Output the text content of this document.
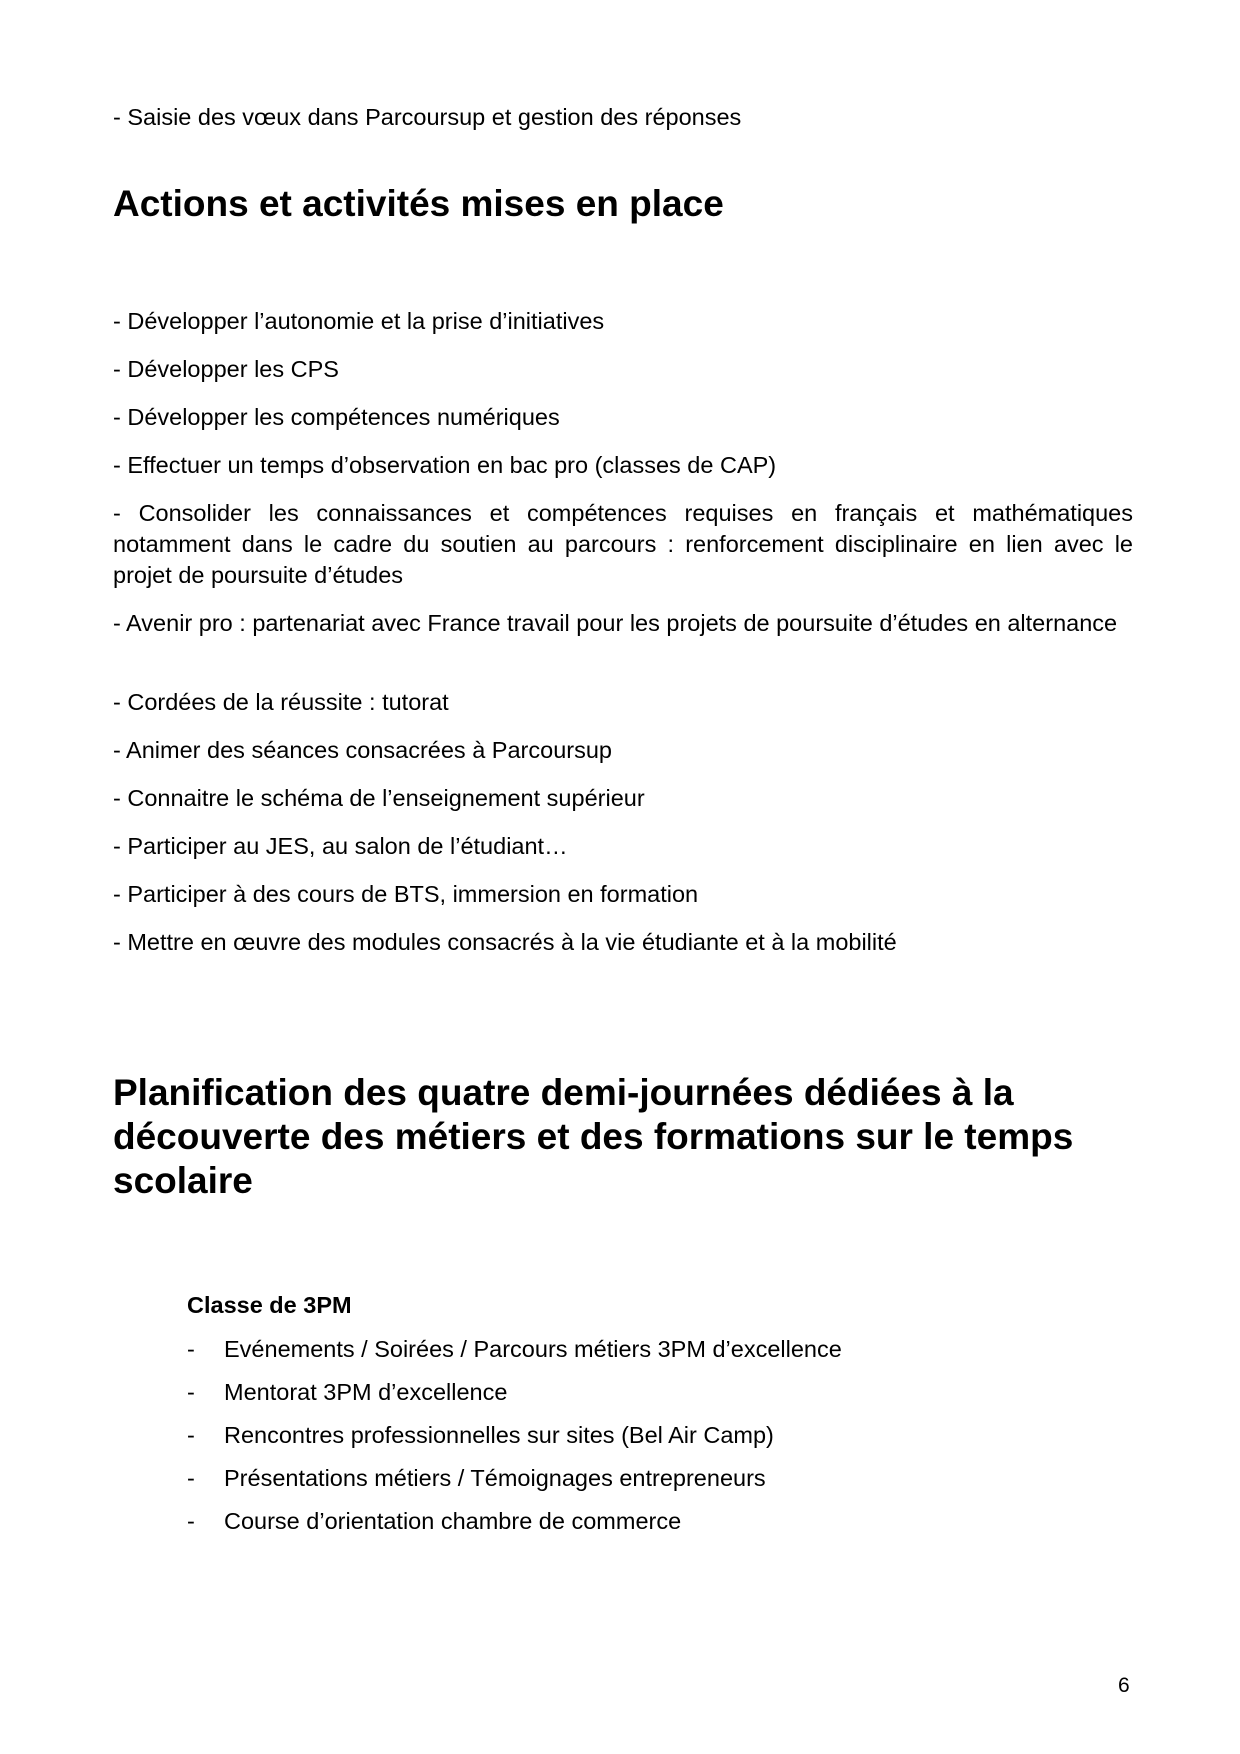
- Saisie des vœux dans Parcoursup et gestion des réponses

Actions et activités mises en place

- Développer l’autonomie et la prise d’initiatives

- Développer les CPS

- Développer les compétences numériques

- Effectuer un temps d’observation en bac pro (classes de CAP)

- Consolider les connaissances et compétences requises en français et mathématiques notamment dans le cadre du soutien au parcours : renforcement disciplinaire en lien avec le projet de poursuite d’études

- Avenir pro : partenariat avec France travail pour les projets de poursuite d’études en alternance

- Cordées de la réussite : tutorat

- Animer des séances consacrées à Parcoursup

- Connaitre le schéma de l’enseignement supérieur

- Participer au JES, au salon de l’étudiant…

- Participer à des cours de BTS, immersion en formation

- Mettre en œuvre des modules consacrés à la vie étudiante et à la mobilité

Planification des quatre demi-journées dédiées à la découverte des métiers et des formations sur le temps scolaire

Classe de 3PM

- Evénements / Soirées / Parcours métiers 3PM d’excellence
- Mentorat 3PM d’excellence
- Rencontres professionnelles sur sites (Bel Air Camp)
- Présentations métiers / Témoignages entrepreneurs
- Course d’orientation chambre de commerce
6
